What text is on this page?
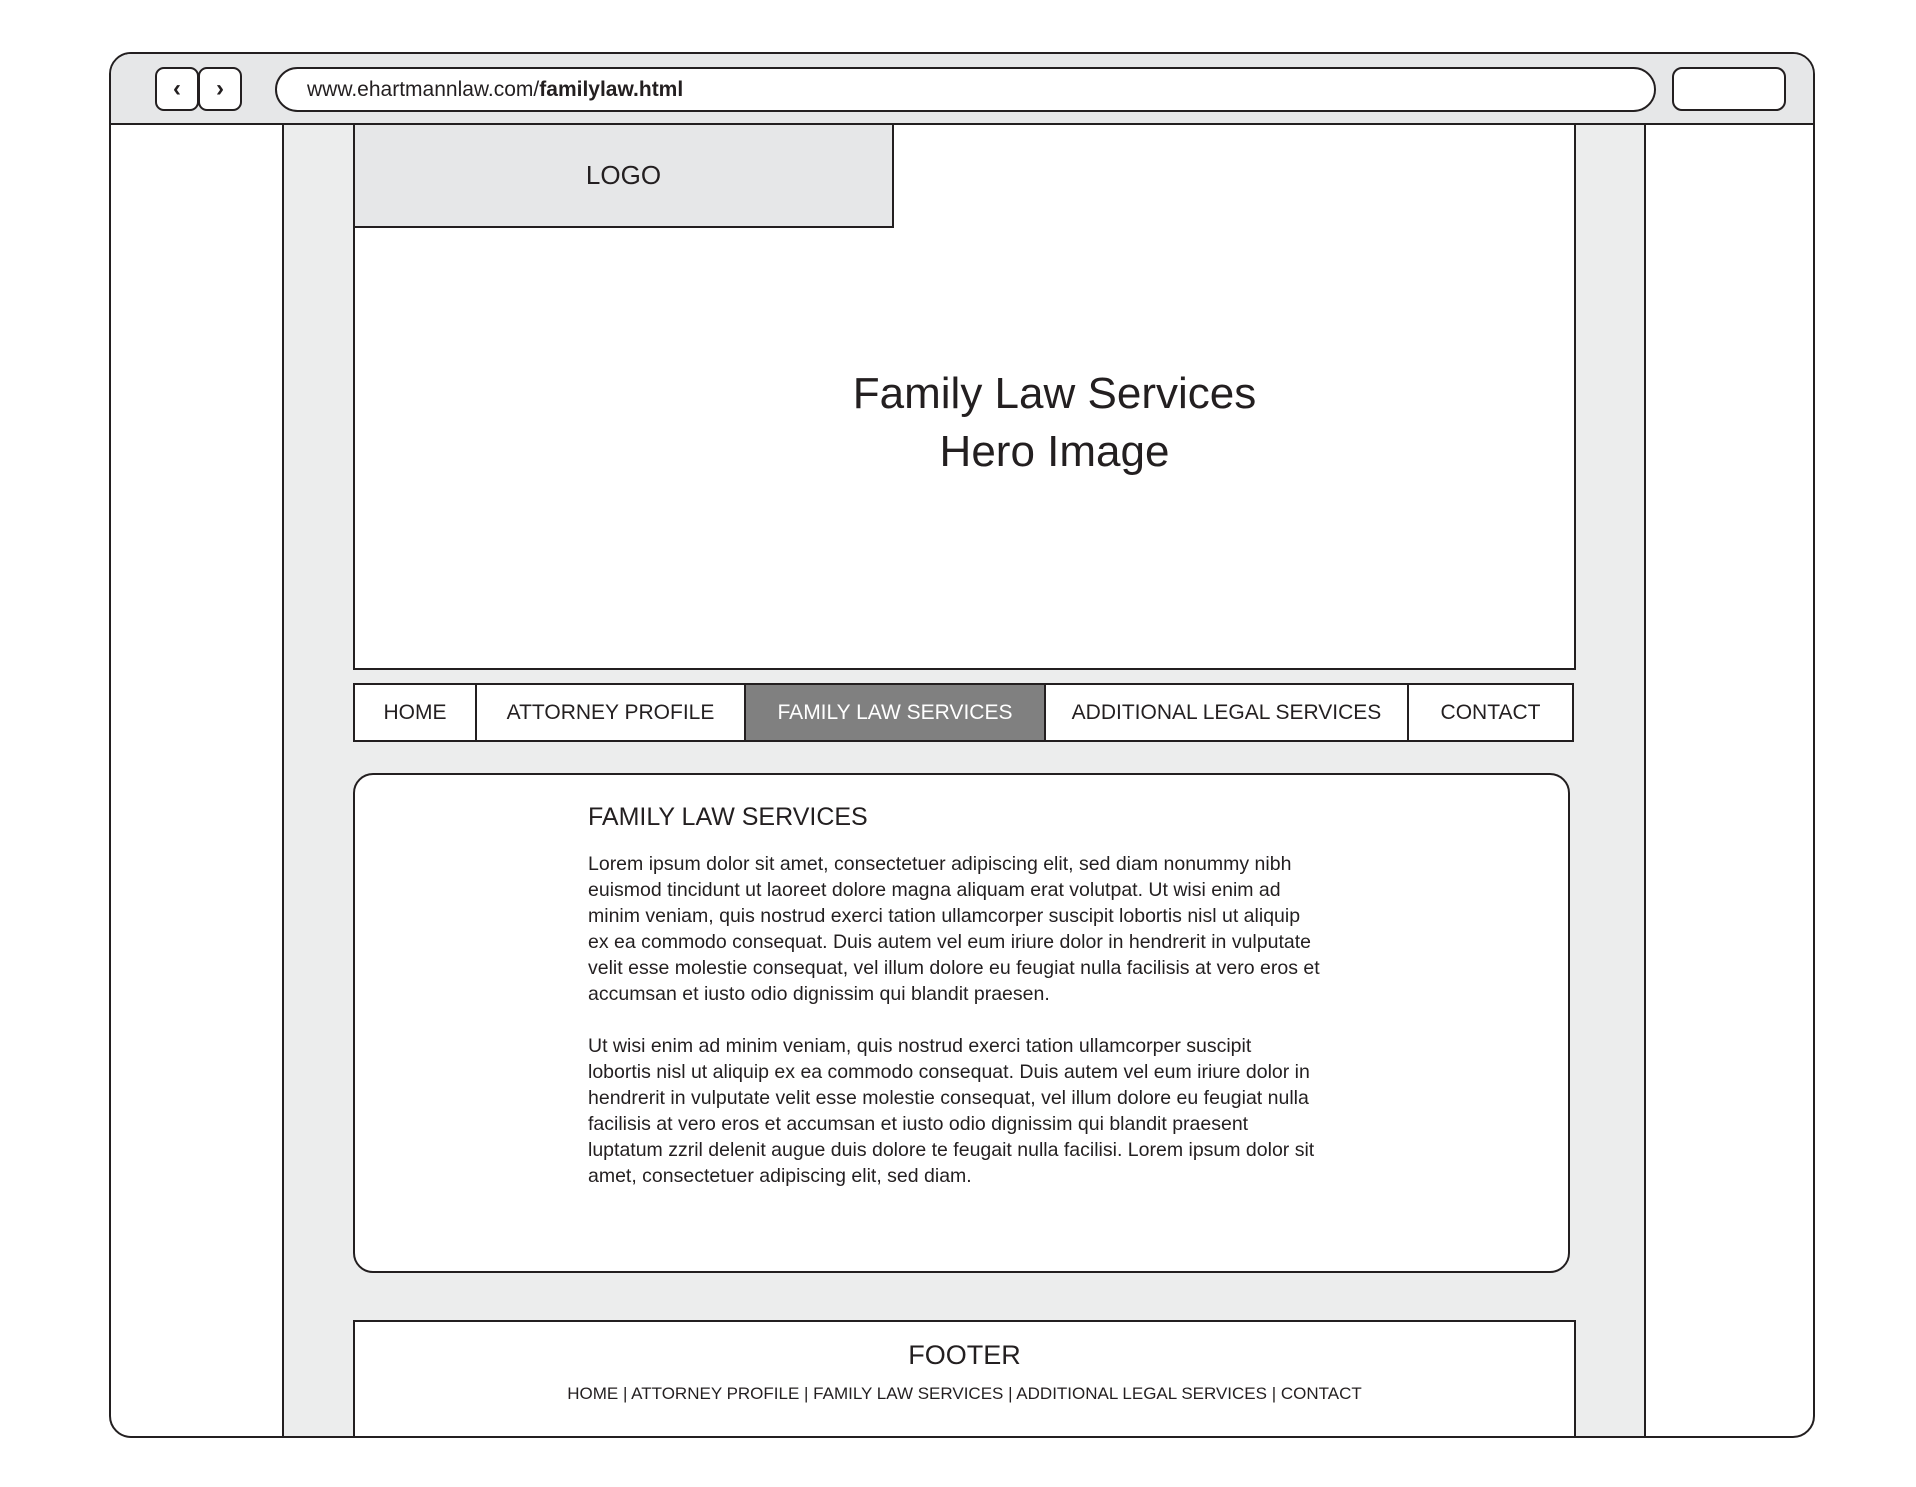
‹ ›	www.ehartmannlaw.com/familylaw.html
LOGO
Family Law Services
Hero Image
HOME	ATTORNEY PROFILE	FAMILY LAW SERVICES	ADDITIONAL LEGAL SERVICES	CONTACT
FAMILY LAW SERVICES
Lorem ipsum dolor sit amet, consectetuer adipiscing elit, sed diam nonummy nibh
euismod tincidunt ut laoreet dolore magna aliquam erat volutpat. Ut wisi enim ad
minim veniam, quis nostrud exerci tation ullamcorper suscipit lobortis nisl ut aliquip
ex ea commodo consequat. Duis autem vel eum iriure dolor in hendrerit in vulputate
velit esse molestie consequat, vel illum dolore eu feugiat nulla facilisis at vero eros et
accumsan et iusto odio dignissim qui blandit praesen.
Ut wisi enim ad minim veniam, quis nostrud exerci tation ullamcorper suscipit
lobortis nisl ut aliquip ex ea commodo consequat. Duis autem vel eum iriure dolor in
hendrerit in vulputate velit esse molestie consequat, vel illum dolore eu feugiat nulla
facilisis at vero eros et accumsan et iusto odio dignissim qui blandit praesent
luptatum zzril delenit augue duis dolore te feugait nulla facilisi. Lorem ipsum dolor sit
amet, consectetuer adipiscing elit, sed diam.
FOOTER
HOME | ATTORNEY PROFILE | FAMILY LAW SERVICES | ADDITIONAL LEGAL SERVICES | CONTACT
